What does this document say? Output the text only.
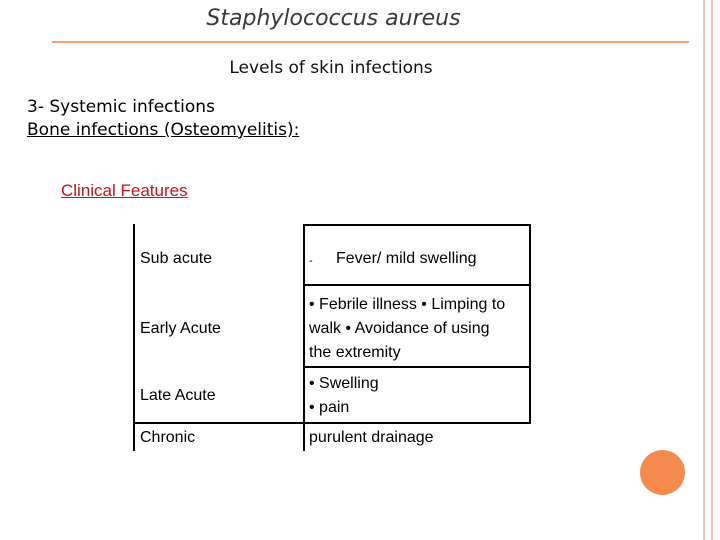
Staphylococcus aureus
Levels of skin infections
3- Systemic infections
Bone infections (Osteomyelitis):
Clinical Features
Sub acute	- Fever/ mild swelling
Early Acute
• Febrile illness • Limping to
walk • Avoidance of using
the extremity
Late Acute
• Swelling
• pain
Chronic	purulent drainage
